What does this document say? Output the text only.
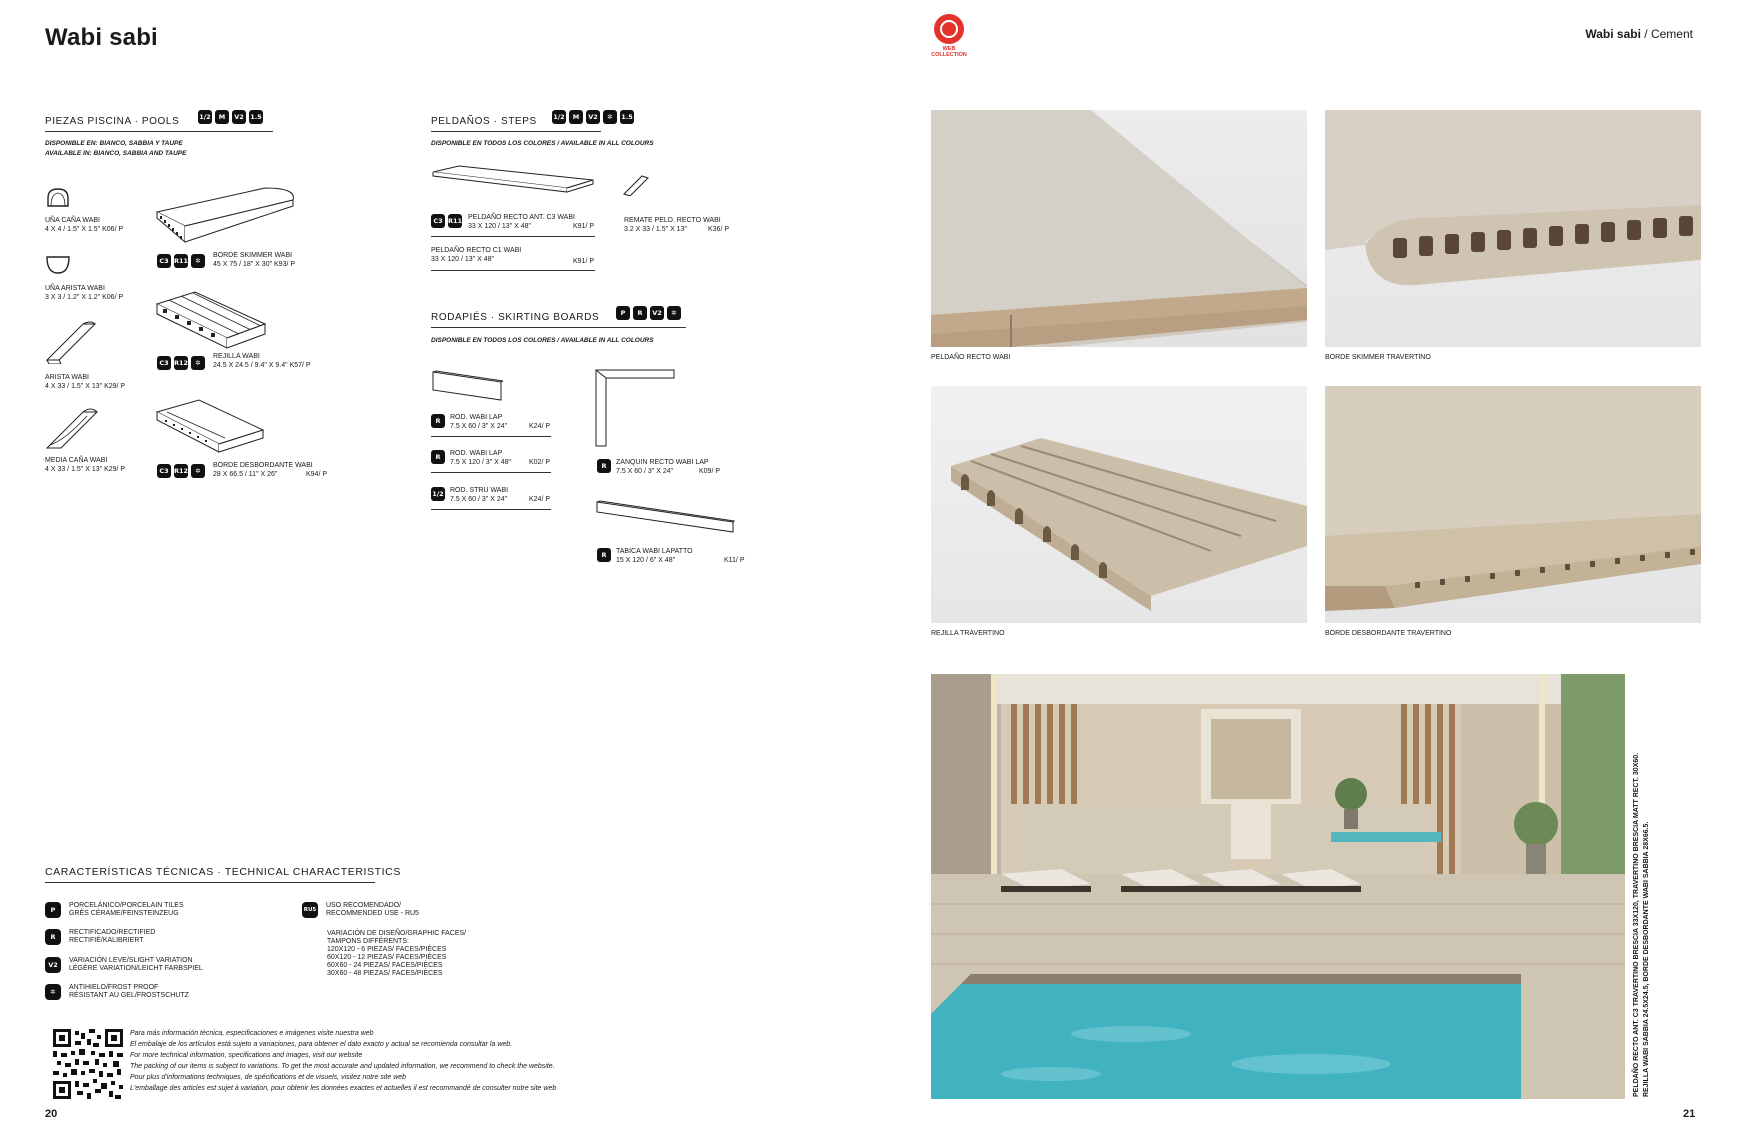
Wabi sabi
PIEZAS PISCINA · POOLS	1/2	M	V2 1.5
DISPONIBLE EN: BIANCO, SABBIA Y TAUPE
AVAILABLE IN: BIANCO, SABBIA AND TAUPE
UÑA CAÑA WABI
4 X 4 / 1.5" X 1.5" K06/ P
UÑA ARISTA WABI
3 X 3 / 1.2" X 1.2" K06/ P
ARISTA WABI
4 X 33 / 1.5" X 13" K29/ P
MEDIA CAÑA WABI
4 X 33 / 1.5" X 13" K29/ P
C3 R11	✲
BORDE SKIMMER WABI
45 X 75 / 18" X 30" K93/ P
C3 R12	✲
REJILLA WABI
24.5 X 24.5 / 9.4" X 9.4" K57/ P
C3 R12	✲
BORDE DESBORDANTE WABI
28 X 66.5 / 11" X 26"	K94/ P
PELDAÑOS · STEPS	1/2	M	V2	✲	1.5
DISPONIBLE EN TODOS LOS COLORES / AVAILABLE IN ALL COLOURS
C3 R11 PELDAÑO RECTO ANT. C3 WABI
33 X 120 / 13" X 48"	K91/ P
REMATE PELD. RECTO WABI
3.2 X 33 / 1.5" X 13"	K36/ P
PELDAÑO RECTO C1 WABI
33 X 120 / 13" X 48"	K91/ P
RODAPIÉS · SKIRTING BOARDS	P	R	V2	✲
DISPONIBLE EN TODOS LOS COLORES / AVAILABLE IN ALL COLOURS
R	ROD. WABI LAP
7.5 X 60 / 3" X 24"	K24/ P
R	ROD. WABI LAP
7.5 X 120 / 3" X 48"	K02/ P
1/2 ROD. STRU WABI
7.5 X 60 / 3" X 24"	K24/ P
R	ZANQUIN RECTO WABI LAP
7.5 X 60 / 3" X 24"	K09/ P
R	TABICA WABI LAPATTO
15 X 120 / 6" X 48"	K11/ P
CARACTERÍSTICAS TÉCNICAS · TECHNICAL CHARACTERISTICS
P
PORCELÁNICO/PORCELAIN TILES
GRÈS CÉRAME/FEINSTEINZEUG
R
RECTIFICADO/RECTIFIED
RECTIFIÉ/KALIBRIERT
V2
VARIACIÓN LEVE/SLIGHT VARIATION
LÉGÈRE VARIATION/LEICHT FARBSPIEL
✲
ANTIHIELO/FROST PROOF
RÉSISTANT AU GEL/FROSTSCHUTZ
RU5
USO RECOMENDADO/
RECOMMENDED USE - RU5
VARIACIÓN DE DISEÑO/GRAPHIC FACES/
TAMPONS DIFFÉRENTS:
120X120 - 6 PIEZAS/ FACES/PIÈCES
60X120 - 12 PIEZAS/ FACES/PIÈCES
60X60 - 24 PIEZAS/ FACES/PIÈCES
30X60 - 48 PIEZAS/ FACES/PIÈCES
Para más información técnica, especificaciones e imágenes visite nuestra web
El embalaje de los artículos está sujeto a variaciones, para obtener el dato exacto y actual se recomienda consultar la web.
For more technical information, specifications and images, visit our website
The packing of our items is subject to variations. To get the most accurate and updated information, we recommend to check the website.
Pour plus d'informations techniques, de spécifications et de visuels, visitez notre site web
L'emballage des articles est sujet à variation, pour obtenir les données exactes et actuelles il est recommandé de consulter notre site web
20
WEB
COLLECTION
Wabi sabi / Cement
PELDAÑO RECTO WABI	BORDE SKIMMER TRAVERTINO
REJILLA TRAVERTINO	BORDE DESBORDANTE TRAVERTINO
PELDAÑO RECTO ANT. C3 TRAVERTINO BRESCIA 33X120, TRAVERTINO BRESCIA MATT RECT. 30X60. REJILLA WABI SABBIA 24.5X24.5, BORDE DESBORDANTE WABI SABBIA 28X66.5.
21
